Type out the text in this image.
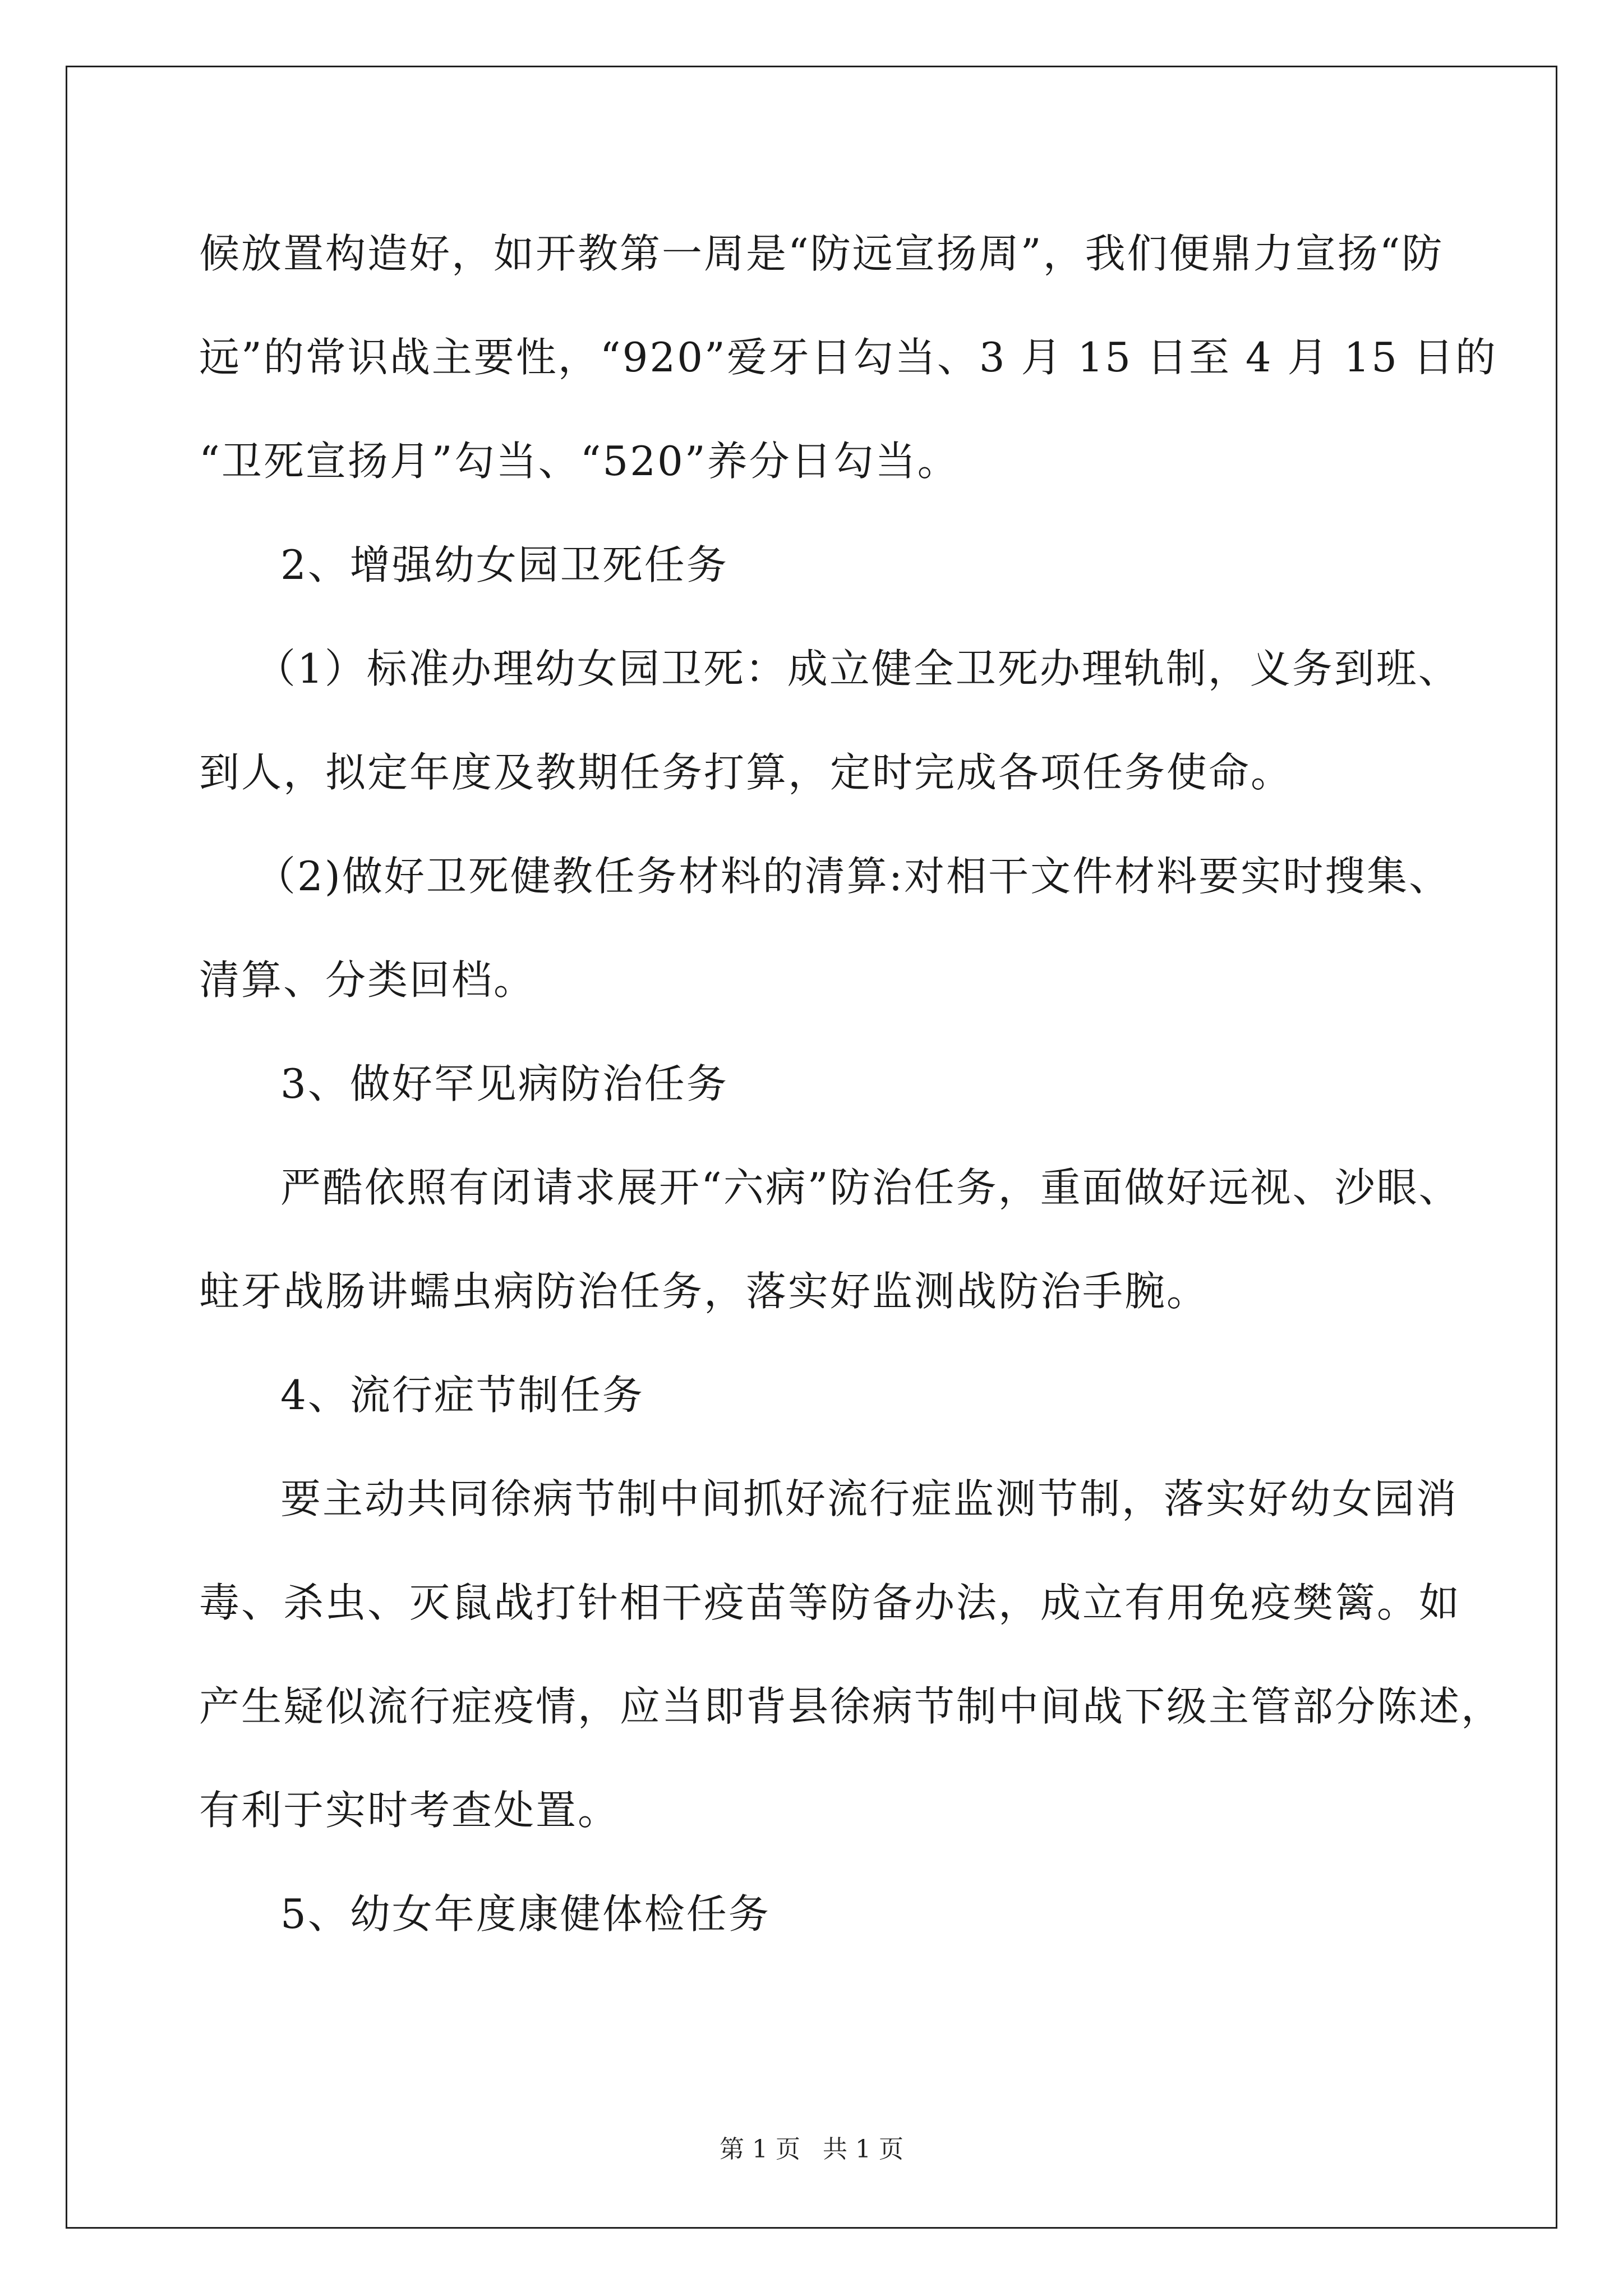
候放置构造好，如开教第一周是“防远宣扬周”，我们便鼎力宣扬“防
远”的常识战主要性，“920”爱牙日勾当、3 月 15 日至 4 月 15 日的
“卫死宣扬月”勾当、“520”养分日勾当。
2、增强幼女园卫死任务
（1）标准办理幼女园卫死：成立健全卫死办理轨制，义务到班、
到人，拟定年度及教期任务打算，定时完成各项任务使命。
（2)做好卫死健教任务材料的清算:对相干文件材料要实时搜集、
清算、分类回档。
3、做好罕见病防治任务
严酷依照有闭请求展开“六病”防治任务，重面做好远视、沙眼、
蛀牙战肠讲蠕虫病防治任务，落实好监测战防治手腕。
4、流行症节制任务
要主动共同徐病节制中间抓好流行症监测节制，落实好幼女园消
毒、杀虫、灭鼠战打针相干疫苗等防备办法，成立有用免疫樊篱。如
产生疑似流行症疫情，应当即背县徐病节制中间战下级主管部分陈述，
有利于实时考查处置。
5、幼女年度康健体检任务
第 1 页 共 1 页
